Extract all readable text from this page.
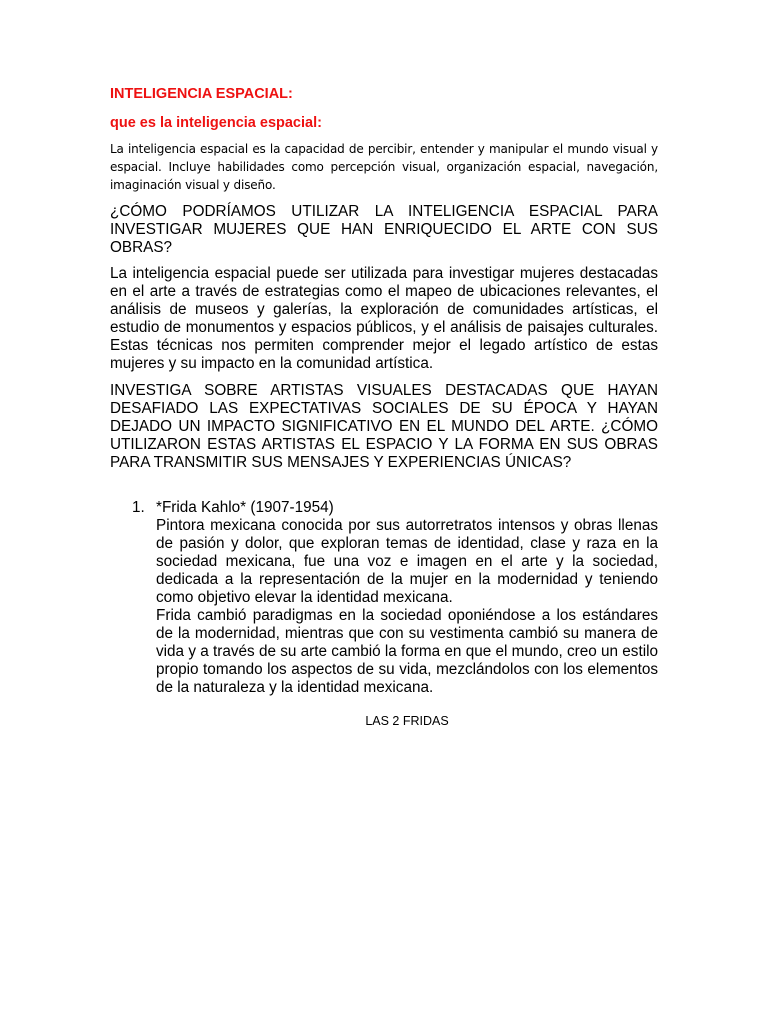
INTELIGENCIA ESPACIAL:

que es la inteligencia espacial:

La inteligencia espacial es la capacidad de percibir, entender y manipular el mundo visual y espacial. Incluye habilidades como percepción visual, organización espacial, navegación, imaginación visual y diseño.

¿CÓMO PODRÍAMOS UTILIZAR LA INTELIGENCIA ESPACIAL PARA INVESTIGAR MUJERES QUE HAN ENRIQUECIDO EL ARTE CON SUS OBRAS?

La inteligencia espacial puede ser utilizada para investigar mujeres destacadas en el arte a través de estrategias como el mapeo de ubicaciones relevantes, el análisis de museos y galerías, la exploración de comunidades artísticas, el estudio de monumentos y espacios públicos, y el análisis de paisajes culturales. Estas técnicas nos permiten comprender mejor el legado artístico de estas mujeres y su impacto en la comunidad artística.

INVESTIGA SOBRE ARTISTAS VISUALES DESTACADAS QUE HAYAN DESAFIADO LAS EXPECTATIVAS SOCIALES DE SU ÉPOCA Y HAYAN DEJADO UN IMPACTO SIGNIFICATIVO EN EL MUNDO DEL ARTE. ¿CÓMO UTILIZARON ESTAS ARTISTAS EL ESPACIO Y LA FORMA EN SUS OBRAS PARA TRANSMITIR SUS MENSAJES Y EXPERIENCIAS ÚNICAS?

1. *Frida Kahlo* (1907-1954)

Pintora mexicana conocida por sus autorretratos intensos y obras llenas de pasión y dolor, que exploran temas de identidad, clase y raza en la sociedad mexicana, fue una voz e imagen en el arte y la sociedad, dedicada a la representación de la mujer en la modernidad y teniendo como objetivo elevar la identidad mexicana.

Frida cambió paradigmas en la sociedad oponiéndose a los estándares de la modernidad, mientras que con su vestimenta cambió su manera de vida y a través de su arte cambió la forma en que el mundo, creo un estilo propio tomando los aspectos de su vida, mezclándolos con los elementos de la naturaleza y la identidad mexicana.

LAS 2 FRIDAS
